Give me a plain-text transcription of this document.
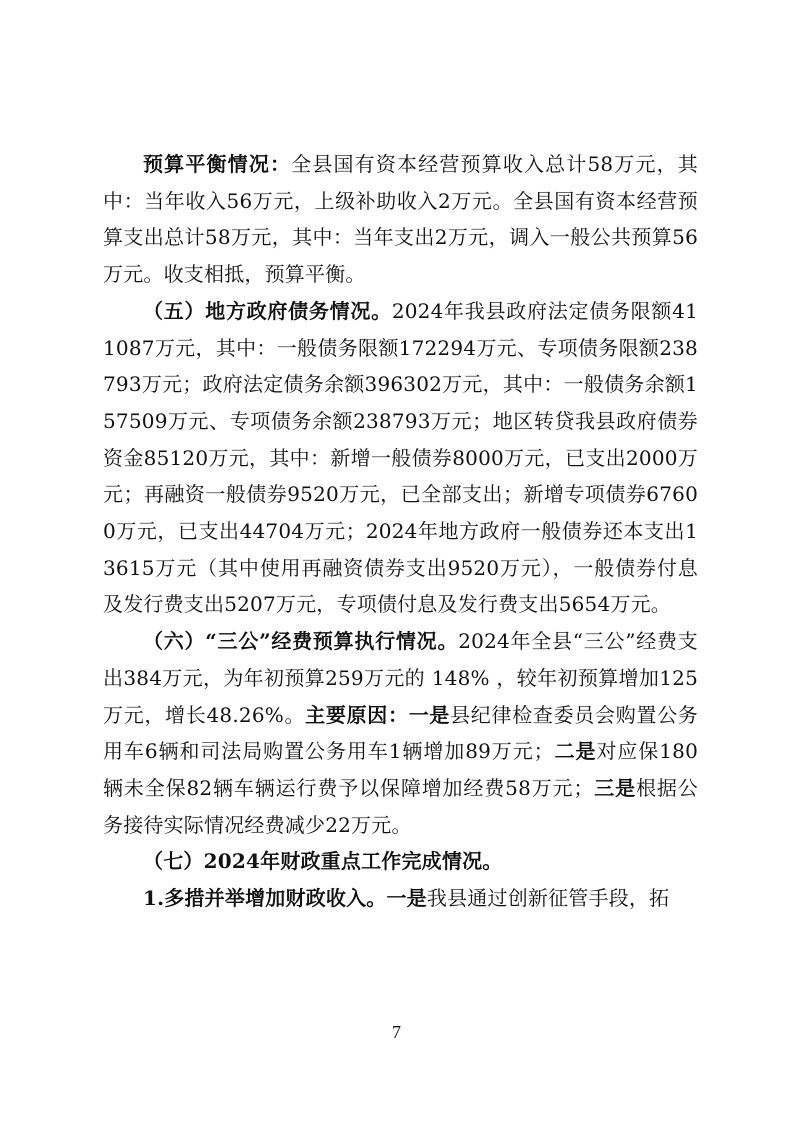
预算平衡情况：全县国有资本经营预算收入总计58万元，其中：当年收入56万元，上级补助收入2万元。全县国有资本经营预算支出总计58万元，其中：当年支出2万元，调入一般公共预算56万元。收支相抵，预算平衡。

（五）地方政府债务情况。2024年我县政府法定债务限额411087万元，其中：一般债务限额172294万元、专项债务限额238793万元；政府法定债务余额396302万元，其中：一般债务余额157509万元、专项债务余额238793万元；地区转贷我县政府债券资金85120万元，其中：新增一般债券8000万元，已支出2000万元；再融资一般债券9520万元，已全部支出；新增专项债券67600万元，已支出44704万元；2024年地方政府一般债券还本支出13615万元（其中使用再融资债券支出9520万元），一般债券付息及发行费支出5207万元，专项债付息及发行费支出5654万元。

（六）“三公”经费预算执行情况。2024年全县“三公”经费支出384万元，为年初预算259万元的 148% ，较年初预算增加125万元，增长48.26%。主要原因：一是县纪律检查委员会购置公务用车6辆和司法局购置公务用车1辆增加89万元；二是对应保180辆未全保82辆车辆运行费予以保障增加经费58万元；三是根据公务接待实际情况经费减少22万元。

（七）2024年财政重点工作完成情况。

1.多措并举增加财政收入。一是我县通过创新征管手段，拓

7
